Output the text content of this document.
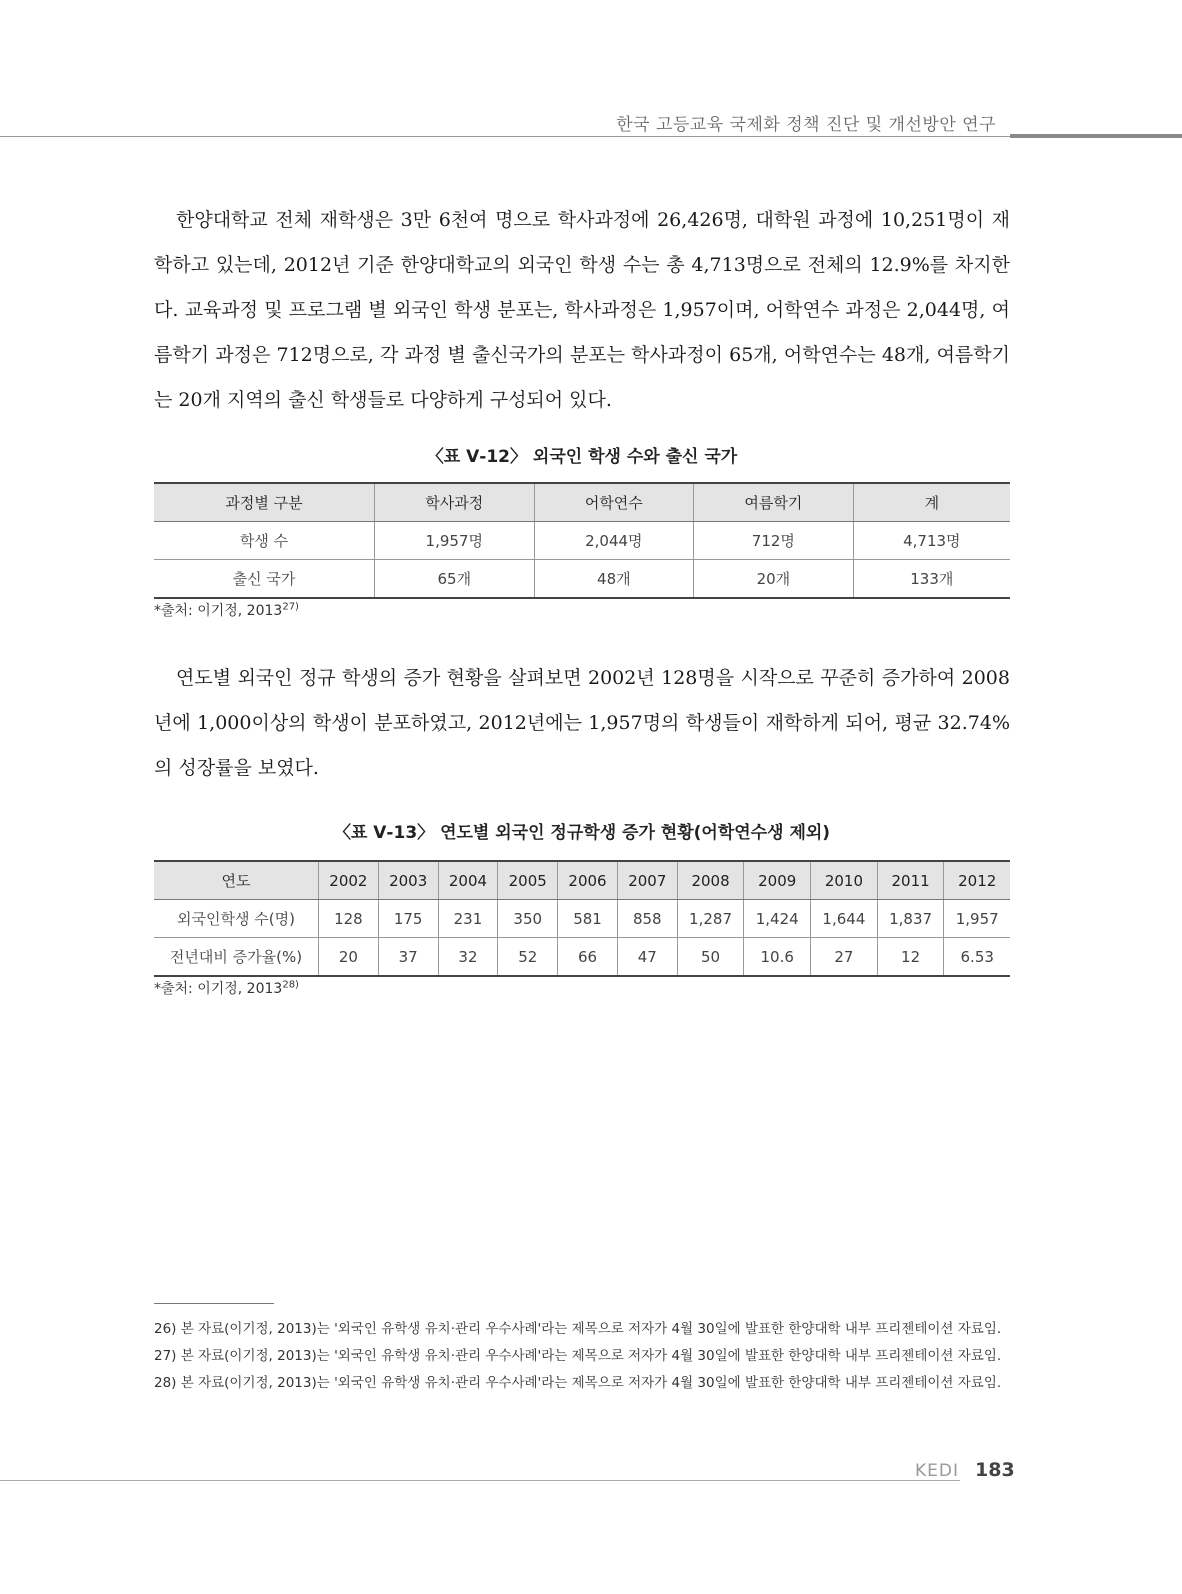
한국 고등교육 국제화 정책 진단 및 개선방안 연구

한양대학교 전체 재학생은 3만 6천여 명으로 학사과정에 26,426명, 대학원 과정에 10,251명이 재학하고 있는데, 2012년 기준 한양대학교의 외국인 학생 수는 총 4,713명으로 전체의 12.9%를 차지한다. 교육과정 및 프로그램 별 외국인 학생 분포는, 학사과정은 1,957이며, 어학연수 과정은 2,044명, 여름학기 과정은 712명으로, 각 과정 별 출신국가의 분포는 학사과정이 65개, 어학연수는 48개, 여름학기는 20개 지역의 출신 학생들로 다양하게 구성되어 있다.

〈표 Ⅴ-12〉 외국인 학생 수와 출신 국가
과정별 구분	학사과정	어학연수	여름학기	계
학생 수	1,957명	2,044명	712명	4,713명
출신 국가	65개	48개	20개	133개
*출처: 이기정, 2013$^{27)}$

연도별 외국인 정규 학생의 증가 현황을 살펴보면 2002년 128명을 시작으로 꾸준히 증가하여 2008년에 1,000이상의 학생이 분포하였고, 2012년에는 1,957명의 학생들이 재학하게 되어, 평균 32.74%의 성장률을 보였다.

〈표 Ⅴ-13〉 연도별 외국인 정규학생 증가 현황(어학연수생 제외)
연도	2002	2003	2004	2005	2006	2007	2008	2009	2010	2011	2012
외국인학생 수(명)	128	175	231	350	581	858	1,287	1,424	1,644	1,837	1,957
전년대비 증가율(%)	20	37	32	52	66	47	50	10.6	27	12	6.53
*출처: 이기정, 2013$^{28)}$
26) 본 자료(이기정, 2013)는 '외국인 유학생 유치·관리 우수사례'라는 제목으로 저자가 4월 30일에 발표한 한양대학 내부 프리젠테이션 자료임.
27) 본 자료(이기정, 2013)는 '외국인 유학생 유치·관리 우수사례'라는 제목으로 저자가 4월 30일에 발표한 한양대학 내부 프리젠테이션 자료임.
28) 본 자료(이기정, 2013)는 '외국인 유학생 유치·관리 우수사례'라는 제목으로 저자가 4월 30일에 발표한 한양대학 내부 프리젠테이션 자료임.
KEDI 183
